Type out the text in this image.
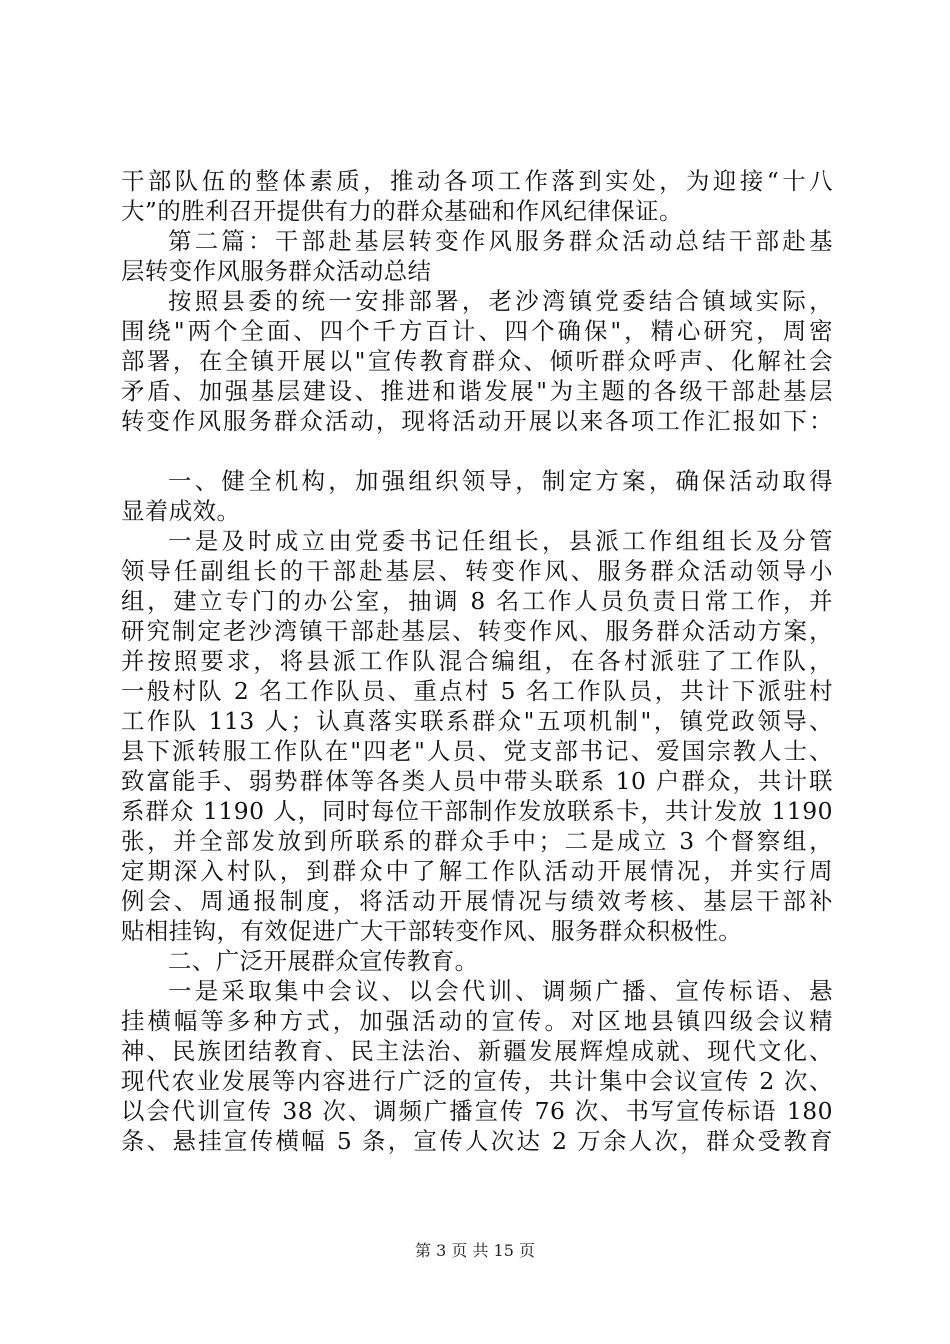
干部队伍的整体素质，推动各项工作落到实处，为迎接“十八
大”的胜利召开提供有力的群众基础和作风纪律保证。
第二篇：干部赴基层转变作风服务群众活动总结干部赴基
层转变作风服务群众活动总结
按照县委的统一安排部署，老沙湾镇党委结合镇域实际，
围绕"两个全面、四个千方百计、四个确保"，精心研究，周密
部署，在全镇开展以"宣传教育群众、倾听群众呼声、化解社会
矛盾、加强基层建设、推进和谐发展"为主题的各级干部赴基层
转变作风服务群众活动，现将活动开展以来各项工作汇报如下：
一、健全机构，加强组织领导，制定方案，确保活动取得
显着成效。
一是及时成立由党委书记任组长，县派工作组组长及分管
领导任副组长的干部赴基层、转变作风、服务群众活动领导小
组，建立专门的办公室，抽调 8 名工作人员负责日常工作，并
研究制定老沙湾镇干部赴基层、转变作风、服务群众活动方案，
并按照要求，将县派工作队混合编组，在各村派驻了工作队，
一般村队 2 名工作队员、重点村 5 名工作队员，共计下派驻村
工作队 113 人；认真落实联系群众"五项机制"，镇党政领导、
县下派转服工作队在"四老"人员、党支部书记、爱国宗教人士、
致富能手、弱势群体等各类人员中带头联系 10 户群众，共计联
系群众 1190 人，同时每位干部制作发放联系卡，共计发放 1190
张，并全部发放到所联系的群众手中；二是成立 3 个督察组，
定期深入村队，到群众中了解工作队活动开展情况，并实行周
例会、周通报制度，将活动开展情况与绩效考核、基层干部补
贴相挂钩，有效促进广大干部转变作风、服务群众积极性。
二、广泛开展群众宣传教育。
一是采取集中会议、以会代训、调频广播、宣传标语、悬
挂横幅等多种方式，加强活动的宣传。对区地县镇四级会议精
神、民族团结教育、民主法治、新疆发展辉煌成就、现代文化、
现代农业发展等内容进行广泛的宣传，共计集中会议宣传 2 次、
以会代训宣传 38 次、调频广播宣传 76 次、书写宣传标语 180
条、悬挂宣传横幅 5 条，宣传人次达 2 万余人次，群众受教育
第 3 页 共 15 页
